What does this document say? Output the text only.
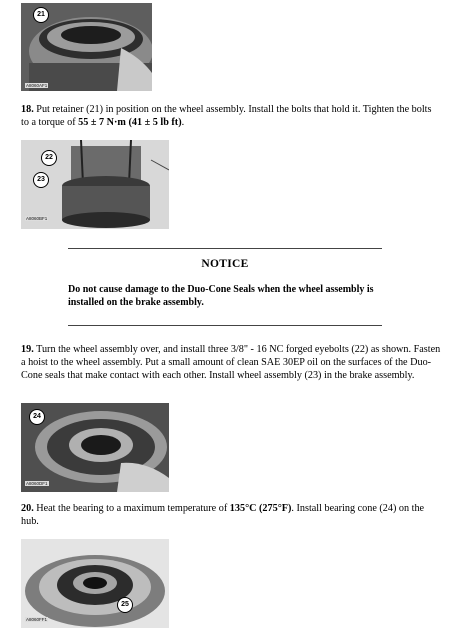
21
A8060AF1
18. Put retainer (21) in position on the wheel assembly. Install the bolts that hold it. Tighten the bolts to a torque of 55 ± 7 N·m (41 ± 5 lb ft).
22
23
A8060BF1
NOTICE
Do not cause damage to the Duo-Cone Seals when the wheel assembly is installed on the brake assembly.
19. Turn the wheel assembly over, and install three 3/8" - 16 NC forged eyebolts (22) as shown. Fasten a hoist to the wheel assembly. Put a small amount of clean SAE 30EP oil on the surfaces of the Duo-Cone seals that make contact with each other. Install wheel assembly (23) in the brake assembly.
24
A8060DF1
20. Heat the bearing to a maximum temperature of 135°C (275°F). Install bearing cone (24) on the hub.
25
A8060FF1
